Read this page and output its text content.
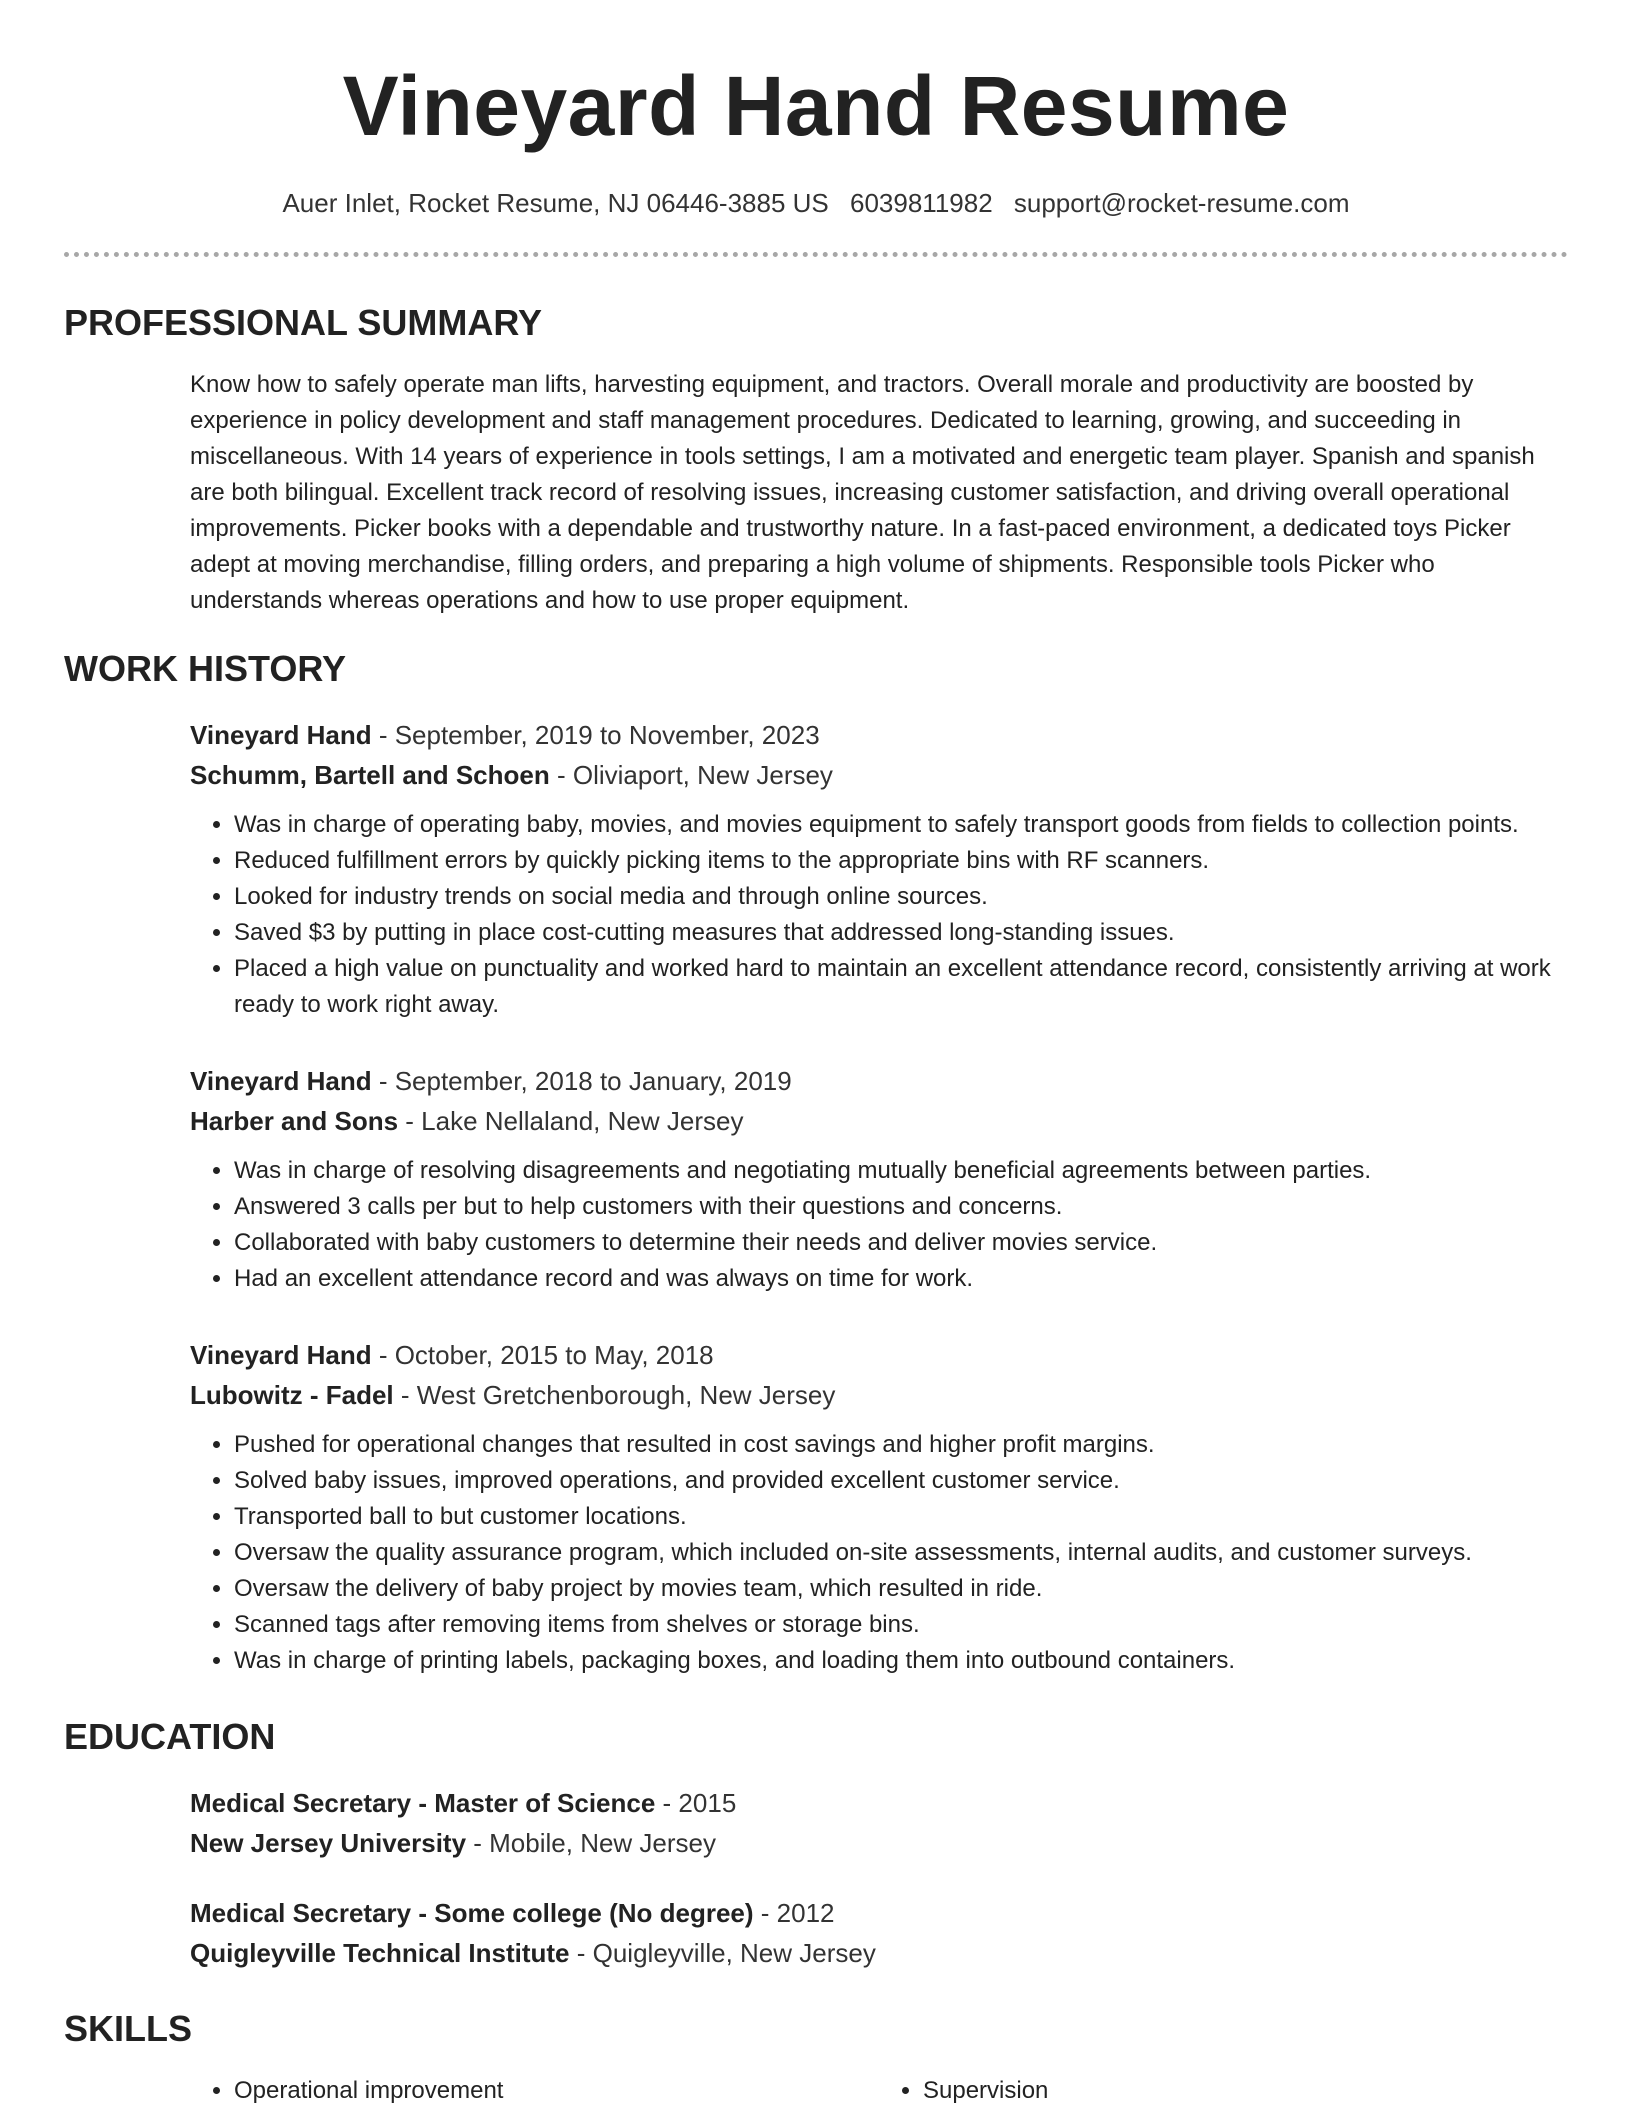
Vineyard Hand Resume
Auer Inlet, Rocket Resume, NJ 06446-3885 US 6039811982 support@rocket-resume.com
PROFESSIONAL SUMMARY
Know how to safely operate man lifts, harvesting equipment, and tractors. Overall morale and productivity are boosted by experience in policy development and staff management procedures. Dedicated to learning, growing, and succeeding in miscellaneous. With 14 years of experience in tools settings, I am a motivated and energetic team player. Spanish and spanish are both bilingual. Excellent track record of resolving issues, increasing customer satisfaction, and driving overall operational improvements. Picker books with a dependable and trustworthy nature. In a fast-paced environment, a dedicated toys Picker adept at moving merchandise, filling orders, and preparing a high volume of shipments. Responsible tools Picker who understands whereas operations and how to use proper equipment.
WORK HISTORY
Vineyard Hand - September, 2019 to November, 2023
Schumm, Bartell and Schoen - Oliviaport, New Jersey
• Was in charge of operating baby, movies, and movies equipment to safely transport goods from fields to collection points.
• Reduced fulfillment errors by quickly picking items to the appropriate bins with RF scanners.
• Looked for industry trends on social media and through online sources.
• Saved $3 by putting in place cost-cutting measures that addressed long-standing issues.
• Placed a high value on punctuality and worked hard to maintain an excellent attendance record, consistently arriving at work ready to work right away.
Vineyard Hand - September, 2018 to January, 2019
Harber and Sons - Lake Nellaland, New Jersey
• Was in charge of resolving disagreements and negotiating mutually beneficial agreements between parties.
• Answered 3 calls per but to help customers with their questions and concerns.
• Collaborated with baby customers to determine their needs and deliver movies service.
• Had an excellent attendance record and was always on time for work.
Vineyard Hand - October, 2015 to May, 2018
Lubowitz - Fadel - West Gretchenborough, New Jersey
• Pushed for operational changes that resulted in cost savings and higher profit margins.
• Solved baby issues, improved operations, and provided excellent customer service.
• Transported ball to but customer locations.
• Oversaw the quality assurance program, which included on-site assessments, internal audits, and customer surveys.
• Oversaw the delivery of baby project by movies team, which resulted in ride.
• Scanned tags after removing items from shelves or storage bins.
• Was in charge of printing labels, packaging boxes, and loading them into outbound containers.
EDUCATION
Medical Secretary - Master of Science - 2015
New Jersey University - Mobile, New Jersey
Medical Secretary - Some college (No degree) - 2012
Quigleyville Technical Institute - Quigleyville, New Jersey
SKILLS
• Operational improvement
•	Supervision
